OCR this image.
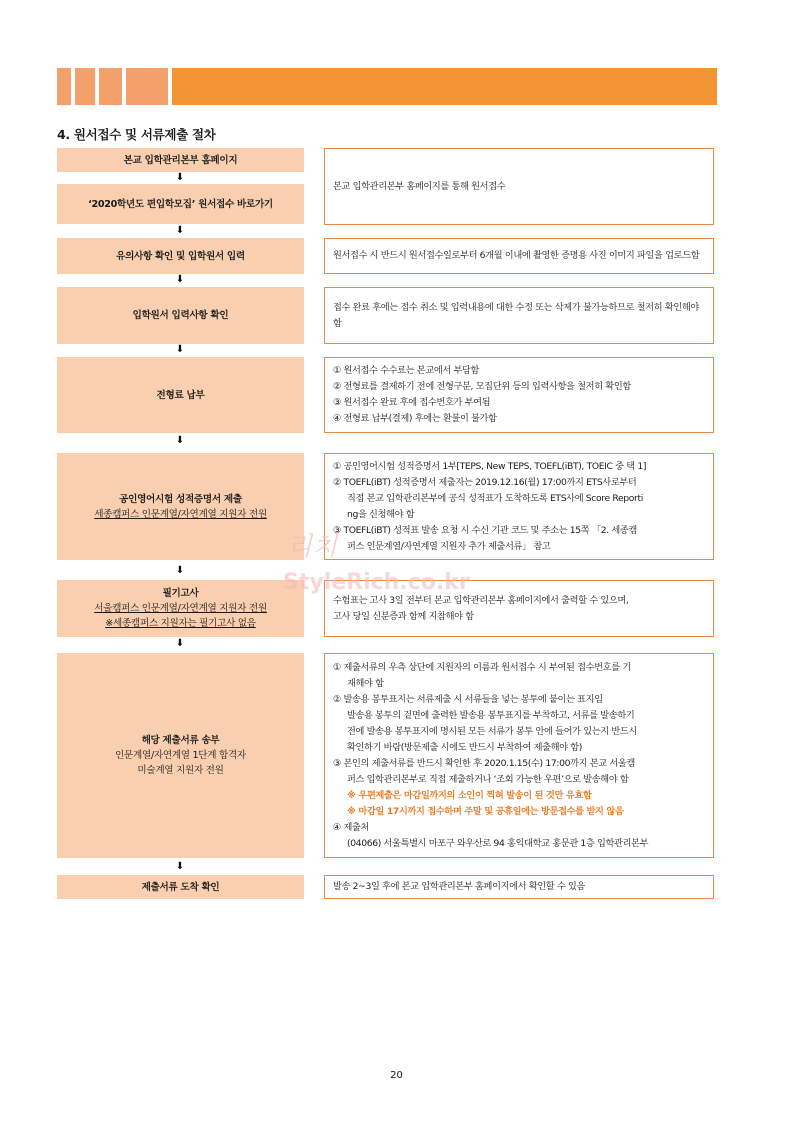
4. 원서접수 및 서류제출 절차
본교 입학관리본부 홈페이지
⬇
‘2020학년도 편입학모집’ 원서접수 바로가기
⬇
유의사항 확인 및 입학원서 입력
⬇
입학원서 입력사항 확인
⬇
전형료 납부
⬇
공인영어시험 성적증명서 제출
세종캠퍼스 인문계열/자연계열 지원자 전원
⬇
필기고사
서울캠퍼스 인문계열/자연계열 지원자 전원
※세종캠퍼스 지원자는 필기고사 없음
⬇
해당 제출서류 송부
인문계열/자연계열 1단계 합격자
미술계열 지원자 전원
⬇
제출서류 도착 확인
본교 입학관리본부 홈페이지를 통해 원서접수
원서접수 시 반드시 원서접수일로부터 6개월 이내에 촬영한 증명용 사진 이미지 파일을 업로드함
접수 완료 후에는 접수 취소 및 입력내용에 대한 수정 또는 삭제가 불가능하므로 철저히 확인해야 함
① 원서접수 수수료는 본교에서 부담함
② 전형료를 결제하기 전에 전형구분, 모집단위 등의 입력사항을 철저히 확인함
③ 원서접수 완료 후에 접수번호가 부여됨
④ 전형료 납부(결제) 후에는 환불이 불가함
① 공인영어시험 성적증명서 1부[TEPS, New TEPS, TOEFL(iBT), TOEIC 중 택 1]
② TOEFL(iBT) 성적증명서 제출자는 2019.12.16(월) 17:00까지 ETS사로부터
직접 본교 입학관리본부에 공식 성적표가 도착하도록 ETS사에 Score Reporti
ng을 신청해야 함
③ TOEFL(iBT) 성적표 발송 요청 시 수신 기관 코드 및 주소는 15쪽 「2. 세종캠
퍼스 인문계열/자연계열 지원자 추가 제출서류」 참고
수험표는 고사 3일 전부터 본교 입학관리본부 홈페이지에서 출력할 수 있으며,
고사 당일 신분증과 함께 지참해야 함
① 제출서류의 우측 상단에 지원자의 이름과 원서접수 시 부여된 접수번호를 기
재해야 함
② 발송용 봉투표지는 서류제출 시 서류들을 넣는 봉투에 붙이는 표지임
발송용 봉투의 겉면에 출력한 발송용 봉투표지를 부착하고, 서류를 발송하기
전에 발송용 봉투표지에 명시된 모든 서류가 봉투 안에 들어가 있는지 반드시
확인하기 바람(방문제출 시에도 반드시 부착하여 제출해야 함)
③ 본인의 제출서류를 반드시 확인한 후 2020.1.15(수) 17:00까지 본교 서울캠
퍼스 입학관리본부로 직접 제출하거나 ‘조회 가능한 우편’으로 발송해야 함
※ 우편제출은 마감일까지의 소인이 찍혀 발송이 된 것만 유효함
※ 마감일 17시까지 접수하며 주말 및 공휴일에는 방문접수를 받지 않음
④ 제출처
(04066) 서울특별시 마포구 와우산로 94 홍익대학교 홍문관 1층 입학관리본부
발송 2~3일 후에 본교 입학관리본부 홈페이지에서 확인할 수 있음
리치
StyleRich.co.kr
20
